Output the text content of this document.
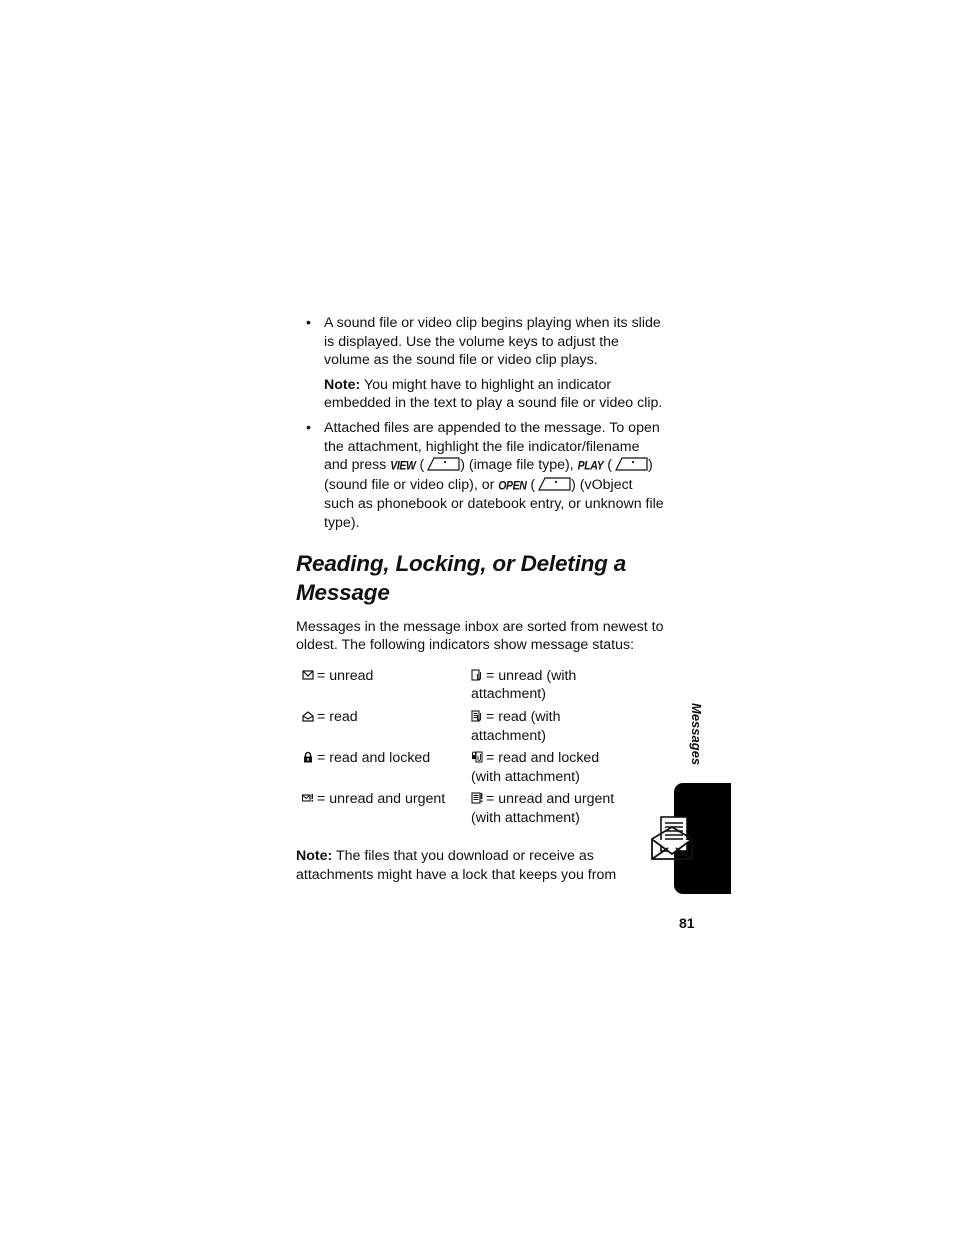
• A sound file or video clip begins playing when its slide is displayed. Use the volume keys to adjust the volume as the sound file or video clip plays.

Note: You might have to highlight an indicator embedded in the text to play a sound file or video clip.

• Attached files are appended to the message. To open the attachment, highlight the file indicator/filename and press VIEW (	) (image file type), PLAY (	) (sound file or video clip), or OPEN (	) (vObject such as phonebook or datebook entry, or unknown file type).

Reading, Locking, or Deleting a Message

Messages in the message inbox are sorted from newest to oldest. The following indicators show message status:

= unread	= unread (with attachment)
= read	= read (with attachment)
= read and locked	= read and locked (with attachment)
= unread and urgent	= unread and urgent (with attachment)

Note: The files that you download or receive as attachments might have a lock that keeps you from

Messages
81
